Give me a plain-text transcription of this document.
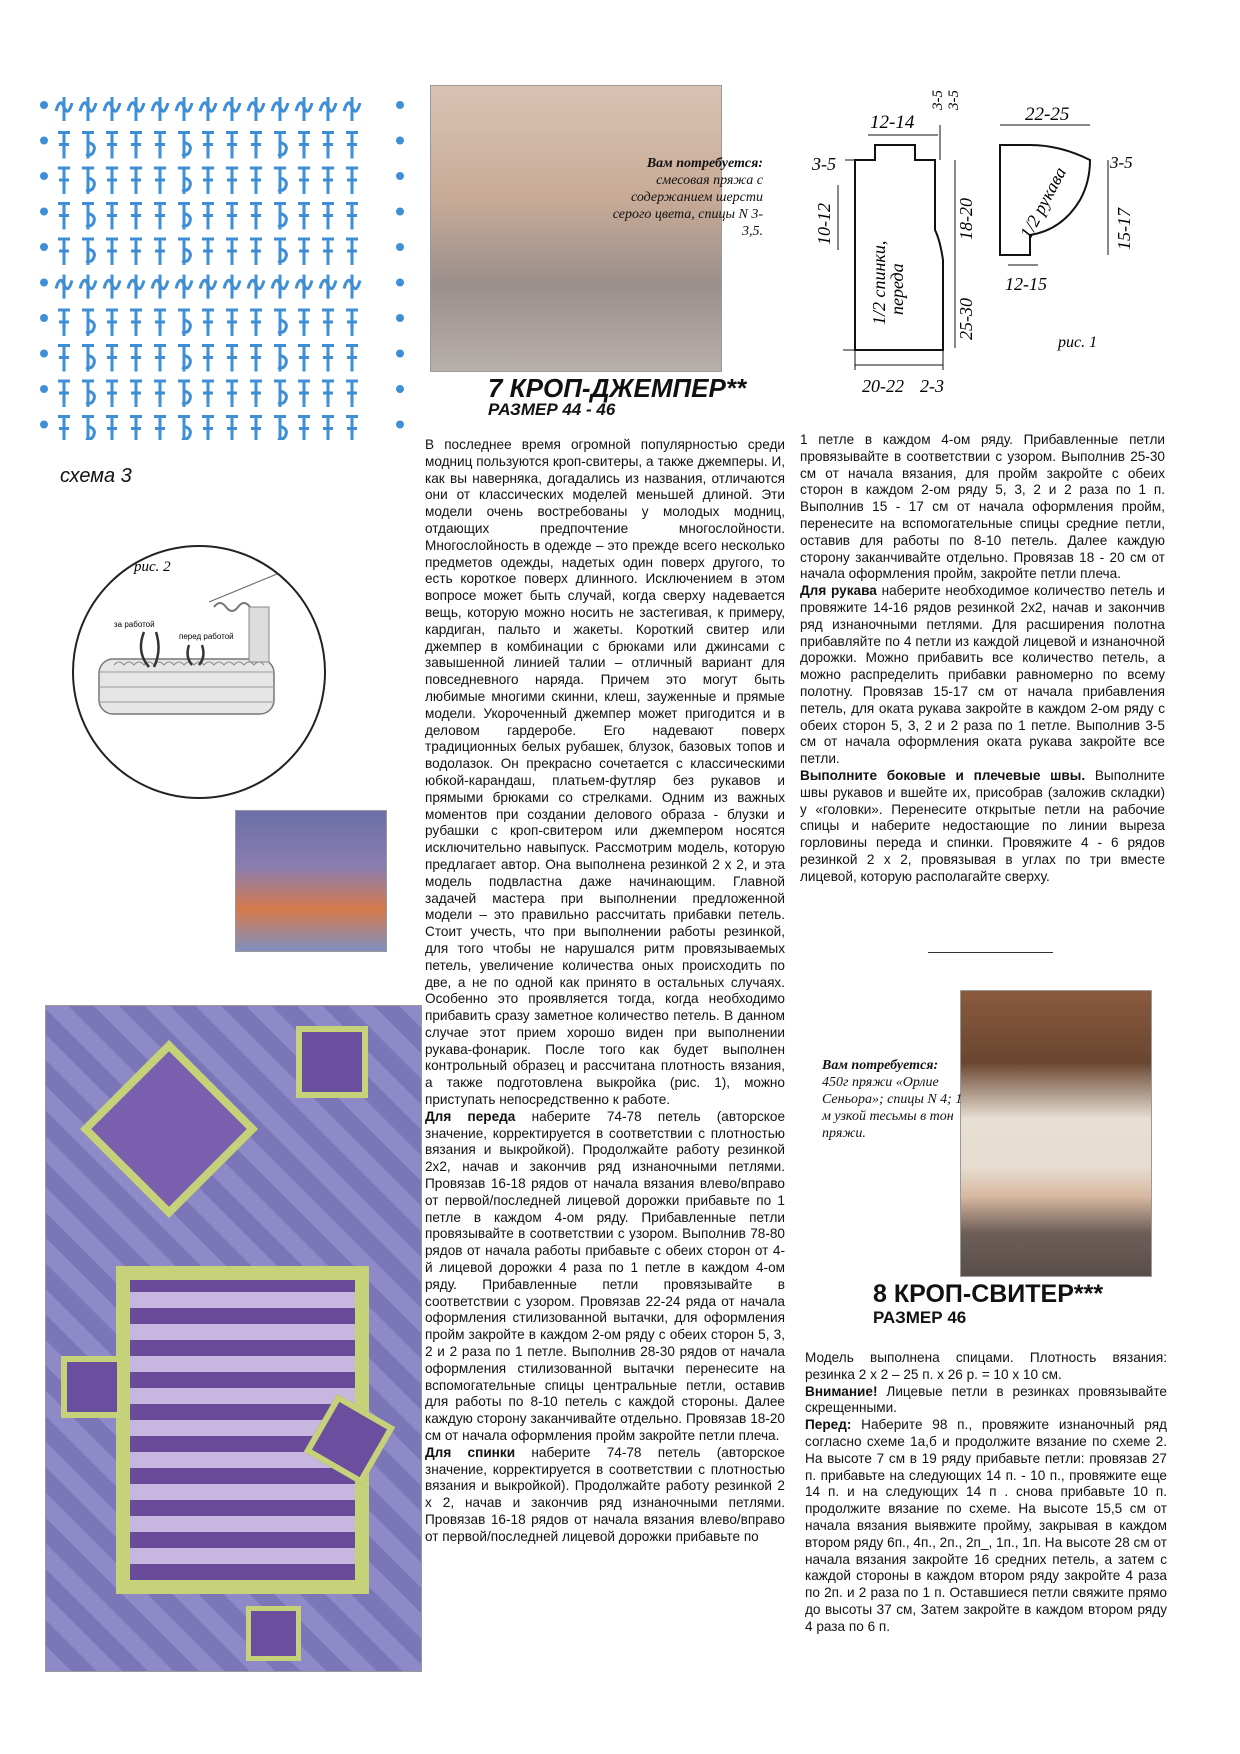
схема 3
рис. 2
за работой
перед работой
7 КРОП-ДЖЕМПЕР**
РАЗМЕР 44 - 46
Вам потребуется:
смесовая пряжа с содержанием шерсти серого цвета, спицы N 3-3,5.
12-14
3-5 3-5
3-5
10-12	18-20
25-30
1/2 спинки,
переда
20-22 2-3
22-25
3-5
15-17
12-15
1/2 рукава
рис. 1

В последнее время огромной популярностью среди модниц пользуются кроп-свитеры, а также джемперы. И, как вы наверняка, догадались из названия, отличаются они от классических моделей меньшей длиной. Эти модели очень востребованы у молодых модниц, отдающих предпочтение многослойности. Многослойность в одежде – это прежде всего несколько предметов одежды, надетых один поверх другого, то есть короткое поверх длинного. Исключением в этом вопросе может быть случай, когда сверху надевается вещь, которую можно носить не застегивая, к примеру, кардиган, пальто и жакеты. Короткий свитер или джемпер в комбинации с брюками или джинсами с завышенной линией талии – отличный вариант для повседневного наряда. Причем это могут быть любимые многими скинни, клеш, зауженные и прямые модели. Укороченный джемпер может пригодится и в деловом гардеробе. Его надевают поверх традиционных белых рубашек, блузок, базовых топов и водолазок. Он прекрасно сочетается с классическими юбкой-карандаш, платьем-футляр без рукавов и прямыми брюками со стрелками. Одним из важных моментов при создании делового образа - блузки и рубашки с кроп-свитером или джемпером носятся исключительно навыпуск. Рассмотрим модель, которую предлагает автор. Она выполнена резинкой 2 х 2, и эта модель подвластна даже начинающим. Главной задачей мастера при выполнении предложенной модели – это правильно рассчитать прибавки петель. Стоит учесть, что при выполнении работы резинкой, для того чтобы не нарушался ритм провязываемых петель, увеличение количества оных происходить по две, а не по одной как принято в остальных случаях. Особенно это проявляется тогда, когда необходимо прибавить сразу заметное количество петель. В данном случае этот прием хорошо виден при выполнении рукава-фонарик. После того как будет выполнен контрольный образец и рассчитана плотность вязания, а также подготовлена выкройка (рис. 1), можно приступать непосредственно к работе.

Для переда наберите 74-78 петель (авторское значение, корректируется в соответствии с плотностью вязания и выкройкой). Продолжайте работу резинкой 2х2, начав и закончив ряд изнаночными петлями. Провязав 16-18 рядов от начала вязания влево/вправо от первой/последней лицевой дорожки прибавьте по 1 петле в каждом 4-ом ряду. Прибавленные петли провязывайте в соответствии с узором. Выполнив 78-80 рядов от начала работы прибавьте с обеих сторон от 4-й лицевой дорожки 4 раза по 1 петле в каждом 4-ом ряду. Прибавленные петли провязывайте в соответствии с узором. Провязав 22-24 ряда от начала оформления стилизованной вытачки, для оформления пройм закройте в каждом 2-ом ряду с обеих сторон 5, 3, 2 и 2 раза по 1 петле. Выполнив 28-30 рядов от начала оформления стилизованной вытачки перенесите на вспомогательные спицы центральные петли, оставив для работы по 8-10 петель с каждой стороны. Далее каждую сторону заканчивайте отдельно. Провязав 18-20 см от начала оформления пройм закройте петли плеча.

Для спинки наберите 74-78 петель (авторское значение, корректируется в соответствии с плотностью вязания и выкройкой). Продолжайте работу резинкой 2 х 2, начав и закончив ряд изнаночными петлями. Провязав 16-18 рядов от начала вязания влево/вправо от первой/последней лицевой дорожки прибавьте по

1 петле в каждом 4-ом ряду. Прибавленные петли провязывайте в соответствии с узором. Выполнив 25-30 см от начала вязания, для пройм закройте с обеих сторон в каждом 2-ом ряду 5, 3, 2 и 2 раза по 1 п. Выполнив 15 - 17 см от начала оформления пройм, перенесите на вспомогательные спицы средние петли, оставив для работы по 8-10 петель. Далее каждую сторону заканчивайте отдельно. Провязав 18 - 20 см от начала оформления пройм, закройте петли плеча.

Для рукава наберите необходимое количество петель и провяжите 14-16 рядов резинкой 2х2, начав и закончив ряд изнаночными петлями. Для расширения полотна прибавляйте по 4 петли из каждой лицевой и изнаночной дорожки. Можно прибавить все количество петель, а можно распределить прибавки равномерно по всему полотну. Провязав 15-17 см от начала прибавления петель, для оката рукава закройте в каждом 2-ом ряду с обеих сторон 5, 3, 2 и 2 раза по 1 петле. Выполнив 3-5 см от начала оформления оката рукава закройте все петли.

Выполните боковые и плечевые швы. Выполните швы рукавов и вшейте их, присобрав (заложив складки) у «головки». Перенесите открытые петли на рабочие спицы и наберите недостающие по линии выреза горловины переда и спинки. Провяжите 4 - 6 рядов резинкой 2 х 2, провязывая в углах по три вместе лицевой, которую располагайте сверху.

Вам потребуется:
450г пряжи «Орлие Сеньора»; спицы N 4; 1 м узкой тесьмы в тон пряжи.
8 КРОП-СВИТЕР***
РАЗМЕР 46

Модель выполнена спицами. Плотность вязания: резинка 2 х 2 – 25 п. х 26 р. = 10 х 10 см.

Внимание! Лицевые петли в резинках провязывайте скрещенными.

Перед: Наберите 98 п., провяжите изнаночный ряд согласно схеме 1а,б и продолжите вязание по схеме 2. На высоте 7 см в 19 ряду прибавьте петли: провязав 27 п. прибавьте на следующих 14 п. - 10 п., провяжите еще 14 п. и на следующих 14 п . снова прибавьте 10 п. продолжите вязание по схеме. На высоте 15,5 см от начала вязания выявжите пройму, закрывая в каждом втором ряду 6п., 4п., 2п., 2п_, 1п., 1п. На высоте 28 см от начала вязания закройте 16 средних петель, а затем с каждой стороны в каждом втором ряду закройте 4 раза по 2п. и 2 раза по 1 п. Оставшиеся петли свяжите прямо до высоты 37 см, Затем закройте в каждом втором ряду 4 раза по 6 п.
